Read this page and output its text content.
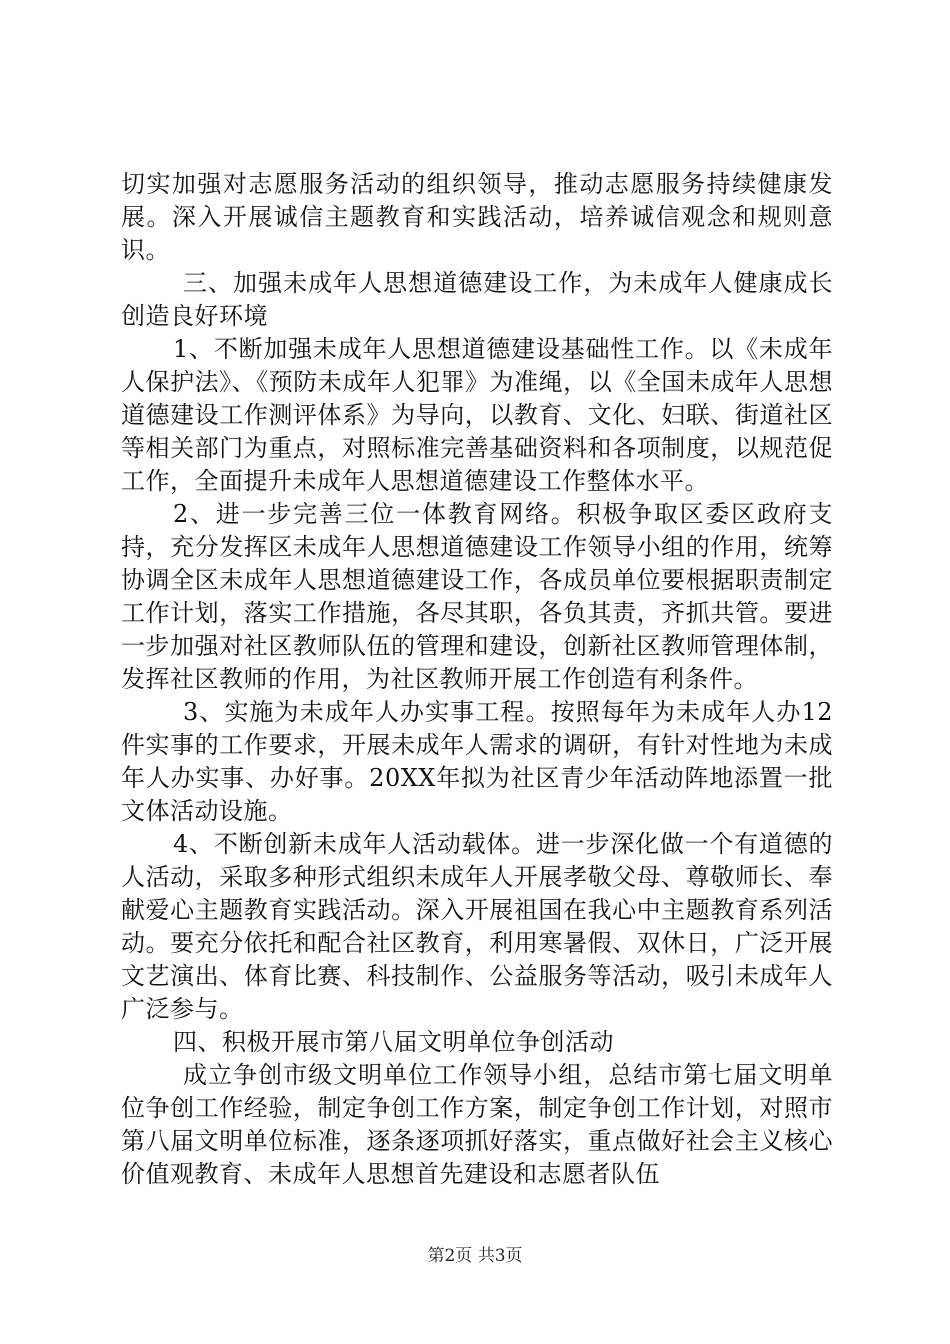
切实加强对志愿服务活动的组织领导，推动志愿服务持续健康发展。深入开展诚信主题教育和实践活动，培养诚信观念和规则意识。

三、加强未成年人思想道德建设工作，为未成年人健康成长创造良好环境

1、不断加强未成年人思想道德建设基础性工作。以《未成年人保护法》、《预防未成年人犯罪》为准绳，以《全国未成年人思想道德建设工作测评体系》为导向，以教育、文化、妇联、街道社区等相关部门为重点，对照标准完善基础资料和各项制度，以规范促工作，全面提升未成年人思想道德建设工作整体水平。

2、进一步完善三位一体教育网络。积极争取区委区政府支持，充分发挥区未成年人思想道德建设工作领导小组的作用，统筹协调全区未成年人思想道德建设工作，各成员单位要根据职责制定工作计划，落实工作措施，各尽其职，各负其责，齐抓共管。要进一步加强对社区教师队伍的管理和建设，创新社区教师管理体制，发挥社区教师的作用，为社区教师开展工作创造有利条件。

3、实施为未成年人办实事工程。按照每年为未成年人办12件实事的工作要求，开展未成年人需求的调研，有针对性地为未成年人办实事、办好事。20XX年拟为社区青少年活动阵地添置一批文体活动设施。

4、不断创新未成年人活动载体。进一步深化做一个有道德的人活动，采取多种形式组织未成年人开展孝敬父母、尊敬师长、奉献爱心主题教育实践活动。深入开展祖国在我心中主题教育系列活动。要充分依托和配合社区教育，利用寒暑假、双休日，广泛开展文艺演出、体育比赛、科技制作、公益服务等活动，吸引未成年人广泛参与。

四、积极开展市第八届文明单位争创活动

成立争创市级文明单位工作领导小组，总结市第七届文明单位争创工作经验，制定争创工作方案，制定争创工作计划，对照市第八届文明单位标准，逐条逐项抓好落实，重点做好社会主义核心价值观教育、未成年人思想首先建设和志愿者队伍

第2页 共3页
